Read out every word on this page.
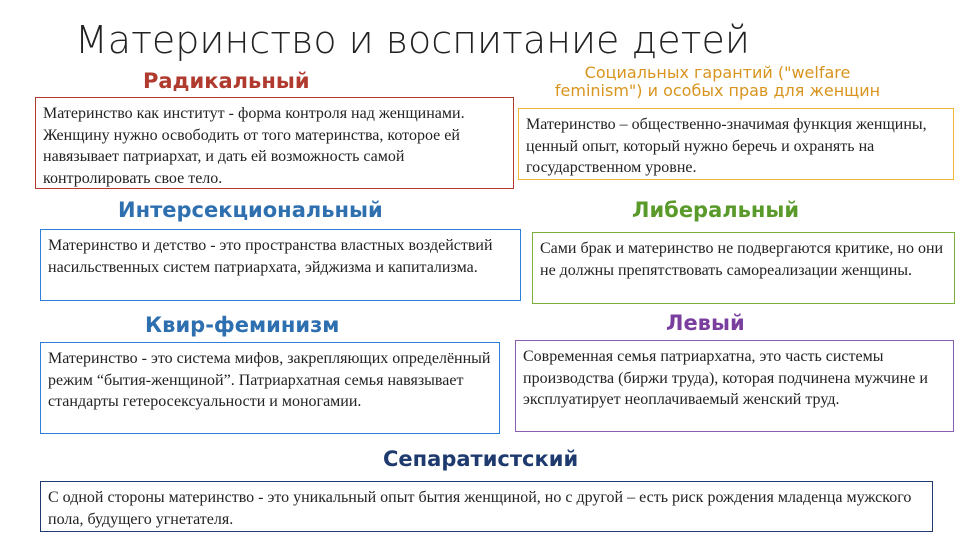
Материнство и воспитание детей
Радикальный
Материнство как институт - форма контроля над женщинами. Женщину нужно освободить от того материнства, которое ей навязывает патриархат, и дать ей возможность самой контролировать свое тело.
Социальных гарантий ("welfare feminism") и особых прав для женщин
Материнство – общественно-значимая функция женщины, ценный опыт, который нужно беречь и охранять на государственном уровне.
Интерсекциональный
Материнство и детство - это пространства властных воздействий насильственных систем патриархата, эйджизма и капитализма.
Либеральный
Сами брак и материнство не подвергаются критике, но они не должны препятствовать самореализации женщины.
Квир-феминизм
Материнство - это система мифов, закрепляющих определённый режим “бытия-женщиной”. Патриархатная семья навязывает стандарты гетеросексуальности и моногамии.
Левый
Современная семья патриархатна, это часть системы производства (биржи труда), которая подчинена мужчине и эксплуатирует неоплачиваемый женский труд.
Сепаратистский
С одной стороны материнство - это уникальный опыт бытия женщиной, но с другой – есть риск рождения младенца мужского пола, будущего угнетателя.
